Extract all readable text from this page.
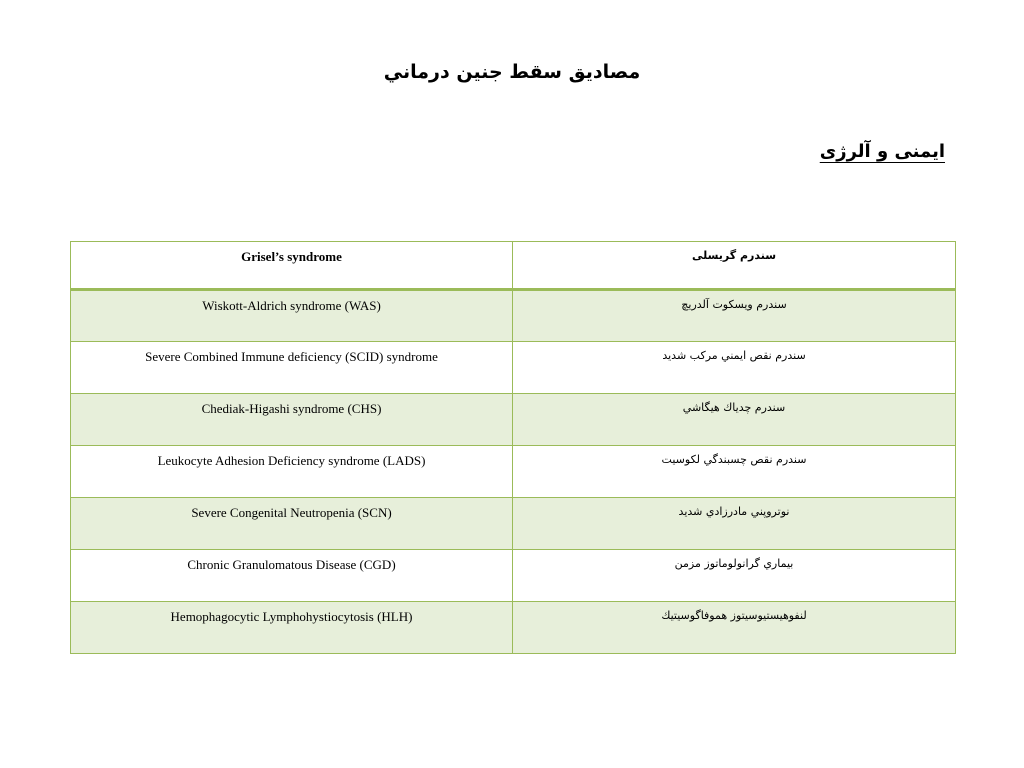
مصاديق سقط جنين درماني
ايمنی و آلرژی
Grisel’s syndrome	سندرم گريسلی
Wiskott-Aldrich syndrome (WAS)	سندرم ويسكوت آلدريچ
Severe Combined Immune deficiency (SCID) syndrome	سندرم نقص ايمني مركب شديد
Chediak-Higashi syndrome (CHS)	سندرم چدياك هيگاشي
Leukocyte Adhesion Deficiency syndrome (LADS)	سندرم نقص چسبندگي لكوسيت
Severe Congenital Neutropenia (SCN)	نوتروپني مادرزادي شديد
Chronic Granulomatous Disease (CGD)	بيماري گرانولوماتوز مزمن
Hemophagocytic Lymphohystiocytosis (HLH)	لنفوهيستيوسيتوز هموفاگوسيتيك
